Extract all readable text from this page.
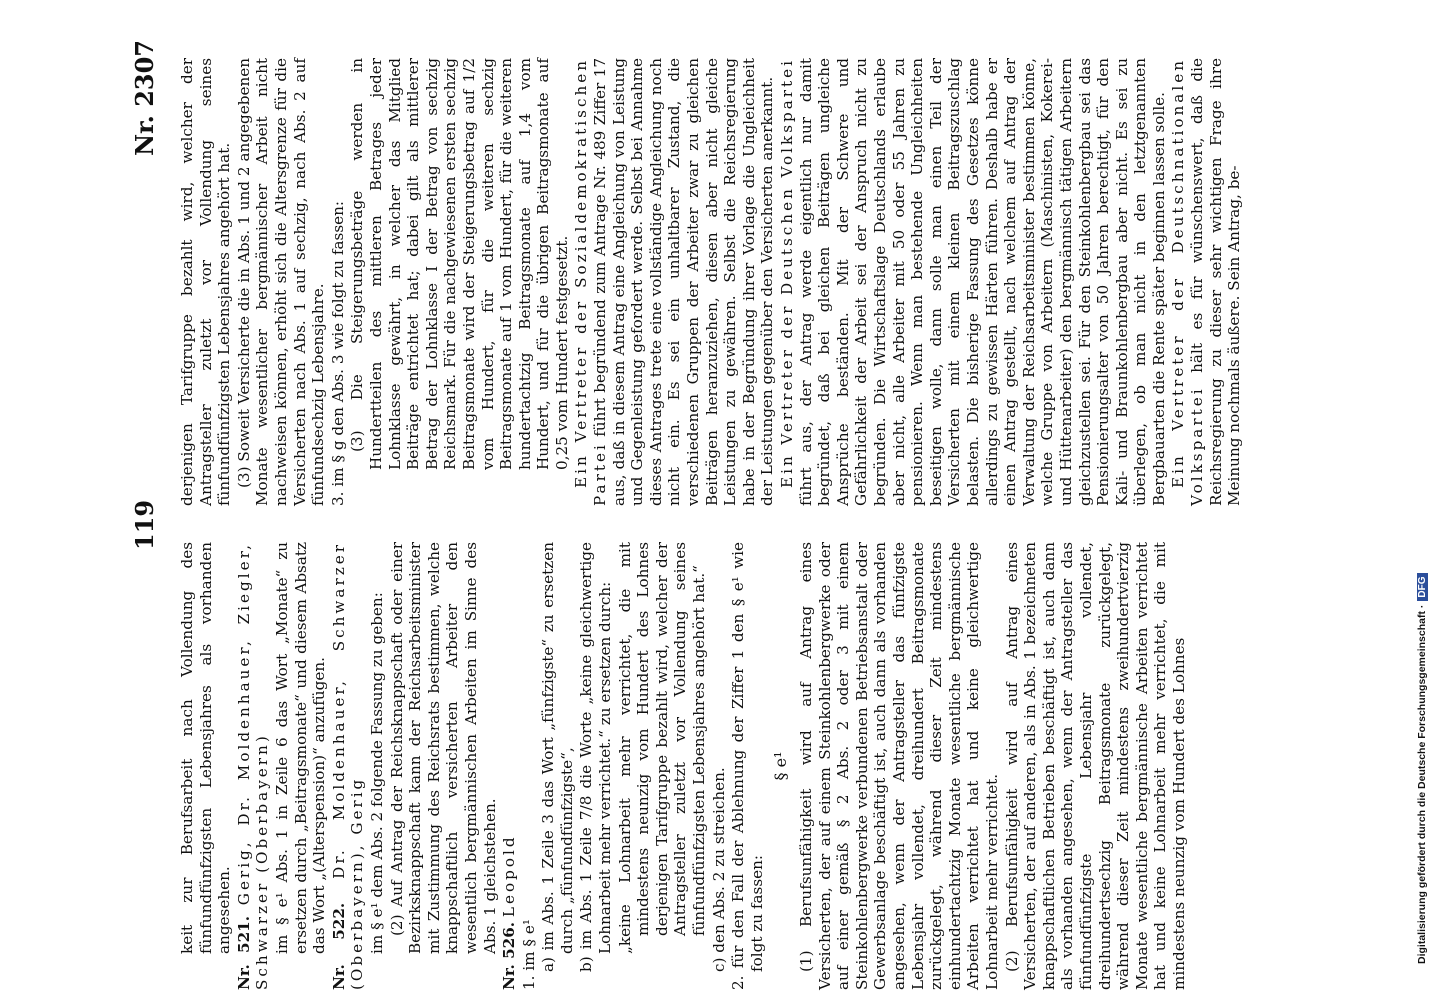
119
Nr. 2307

keit zur Berufsarbeit nach Vollendung des fünfundfünfzigsten Lebensjahres als vorhanden angesehen. Nr. 521. Gerig, Dr. Moldenhauer, Ziegler, Schwarzer (Oberbayern) im § e¹ Abs. 1 in Zeile 6 das Wort „Monate“ zu ersetzen durch „Beitragsmonate“ und diesem Absatz das Wort „(Alterspension)“ anzufügen. Nr. 522. Dr. Moldenhauer, Schwarzer (Oberbayern), Gerig im § e¹ dem Abs. 2 folgende Fassung zu geben: (2) Auf Antrag der Reichsknappschaft oder einer Bezirksknappschaft kann der Reichsarbeitsminister mit Zustimmung des Reichsrats bestimmen, welche knappschaftlich versicherten Arbeiter den wesentlich bergmännischen Arbeiten im Sinne des Abs. 1 gleichstehen.

Nr. 526. Leopold

1. im § e¹ a) im Abs. 1 Zeile 3 das Wort „fünfzigste“ zu ersetzen durch „fünfundfünfzigste“, b) im Abs. 1 Zeile 7/8 die Worte „keine gleichwertige Lohnarbeit mehr verrichtet.“ zu ersetzen durch: „keine Lohnarbeit mehr verrichtet, die mit mindestens neunzig vom Hundert des Lohnes derjenigen Tarifgruppe bezahlt wird, welcher der Antragsteller zuletzt vor Vollendung seines fünfundfünfzigsten Lebensjahres angehört hat.“ c) den Abs. 2 zu streichen. 2. für den Fall der Ablehnung der Ziffer 1 den § e¹ wie folgt zu fassen:

§ e¹ (1) Berufsunfähigkeit wird auf Antrag eines Versicherten, der auf einem Steinkohlenbergwerke oder auf einer gemäß § 2 Abs. 2 oder 3 mit einem Steinkohlenbergwerke verbundenen Betriebsanstalt oder Gewerbsanlage beschäftigt ist, auch dann als vorhanden angesehen, wenn der Antragsteller das fünfzigste Lebensjahr vollendet, dreihundert Beitragsmonate zurückgelegt, während dieser Zeit mindestens einhundertachtzig Monate wesentliche bergmännische Arbeiten verrichtet hat und keine gleichwertige Lohnarbeit mehr verrichtet. (2) Berufsunfähigkeit wird auf Antrag eines Versicherten, der auf anderen, als in Abs. 1 bezeichneten knappschaftlichen Betrieben beschäftigt ist, auch dann als vorhanden angesehen, wenn der Antragsteller das fünfundfünfzigste Lebensjahr vollendet, dreihundertsechzig Beitragsmonate zurückgelegt, während dieser Zeit mindestens zweihundertvierzig Monate wesentliche bergmännische Arbeiten verrichtet hat und keine Lohnarbeit mehr verrichtet, die mit mindestens neunzig vom Hundert des Lohnes

derjenigen Tarifgruppe bezahlt wird, welcher der Antragsteller zuletzt vor Vollendung seines fünfundfünfzigsten Lebensjahres angehört hat. (3) Soweit Versicherte die in Abs. 1 und 2 angegebenen Monate wesentlicher bergmännischer Arbeit nicht nachweisen können, erhöht sich die Altersgrenze für die Versicherten nach Abs. 1 auf sechzig, nach Abs. 2 auf fünfundsechzig Lebensjahre. 3. im § g den Abs. 3 wie folgt zu fassen: (3) Die Steigerungsbeträge werden in Hundertteilen des mittleren Betrages jeder Lohnklasse gewährt, in welcher das Mitglied Beiträge entrichtet hat; dabei gilt als mittlerer Betrag der Lohnklasse I der Betrag von sechzig Reichsmark. Für die nachgewiesenen ersten sechzig Beitragsmonate wird der Steigerungsbetrag auf 1/2 vom Hundert, für die weiteren sechzig Beitragsmonate auf 1 vom Hundert, für die weiteren hundertachtzig Beitragsmonate auf 1,4 vom Hundert, und für die übrigen Beitragsmonate auf 0,25 vom Hundert festgesetzt. Ein Vertreter der Sozialdemokratischen Partei führt begründend zum Antrage Nr. 489 Ziffer 17 aus, daß in diesem Antrag eine Angleichung von Leistung und Gegenleistung gefordert werde. Selbst bei Annahme dieses Antrages trete eine vollständige Angleichung noch nicht ein. Es sei ein unhaltbarer Zustand, die verschiedenen Gruppen der Arbeiter zwar zu gleichen Beiträgen heranzuziehen, diesen aber nicht gleiche Leistungen zu gewähren. Selbst die Reichsregierung habe in der Begründung ihrer Vorlage die Ungleichheit der Leistungen gegenüber den Versicherten anerkannt. Ein Vertreter der Deutschen Volkspartei führt aus, der Antrag werde eigentlich nur damit begründet, daß bei gleichen Beiträgen ungleiche Ansprüche beständen. Mit der Schwere und Gefährlichkeit der Arbeit sei der Anspruch nicht zu begründen. Die Wirtschaftslage Deutschlands erlaube aber nicht, alle Arbeiter mit 50 oder 55 Jahren zu pensionieren. Wenn man bestehende Ungleichheiten beseitigen wolle, dann solle man einen Teil der Versicherten mit einem kleinen Beitragszuschlag belasten. Die bisherige Fassung des Gesetzes könne allerdings zu gewissen Härten führen. Deshalb habe er einen Antrag gestellt, nach welchem auf Antrag der Verwaltung der Reichsarbeitsminister bestimmen könne, welche Gruppe von Arbeitern (Maschinisten, Kokerei- und Hüttenarbeiter) den bergmännisch tätigen Arbeitern gleichzustellen sei. Für den Steinkohlenbergbau sei das Pensionierungsalter von 50 Jahren berechtigt, für den Kali- und Braunkohlenbergbau aber nicht. Es sei zu überlegen, ob man nicht in den letztgenannten Bergbauarten die Rente später beginnen lassen solle. Ein Vertreter der Deutschnationalen Volkspartei hält es für wünschenswert, daß die Reichsregierung zu dieser sehr wichtigen Frage ihre Meinung nochmals äußere. Sein Antrag, be-

Digitalisierung gefördert durch die Deutsche Forschungsgemeinschaft ·DFG
